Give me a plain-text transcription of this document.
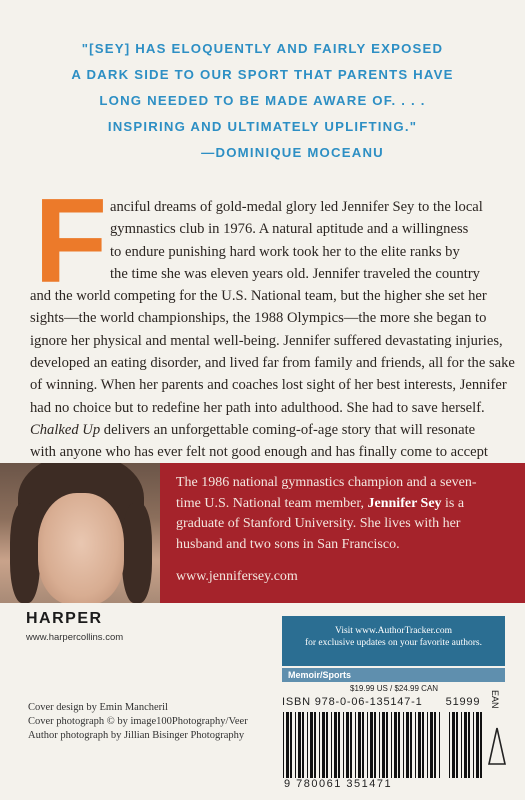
"[SEY] HAS ELOQUENTLY AND FAIRLY EXPOSED
A DARK SIDE TO OUR SPORT THAT PARENTS HAVE
LONG NEEDED TO BE MADE AWARE OF. . . .
INSPIRING AND ULTIMATELY UPLIFTING."
—DOMINIQUE MOCEANU
F anciful dreams of gold-medal glory led Jennifer Sey to the local
gymnastics club in 1976. A natural aptitude and a willingness
to endure punishing hard work took her to the elite ranks by
the time she was eleven years old. Jennifer traveled the country
and the world competing for the U.S. National team, but the higher she set her
sights—the world championships, the 1988 Olympics—the more she began to
ignore her physical and mental well-being. Jennifer suffered devastating injuries,
developed an eating disorder, and lived far from family and friends, all for the sake
of winning. When her parents and coaches lost sight of her best interests, Jennifer
had no choice but to redefine her path into adulthood. She had to save herself.
Chalked Up delivers an unforgettable coming-of-age story that will resonate
with anyone who has ever felt not good enough and has finally come to accept
The 1986 national gymnastics champion and a seven-
time U.S. National team member, Jennifer Sey is a
graduate of Stanford University. She lives with her
husband and two sons in San Francisco.
www.jennifersey.com
HARPER
www.harpercollins.com
Cover design by Emin Mancheril
Cover photograph © by image100Photography/Veer
Author photograph by Jillian Bisinger Photography
Visit www.AuthorTracker.com
for exclusive updates on your favorite authors.
Memoir/Sports
$19.99 US / $24.99 CAN
ISBN 978-0-06-135147-1 51999 EAN
9 780061 351471
